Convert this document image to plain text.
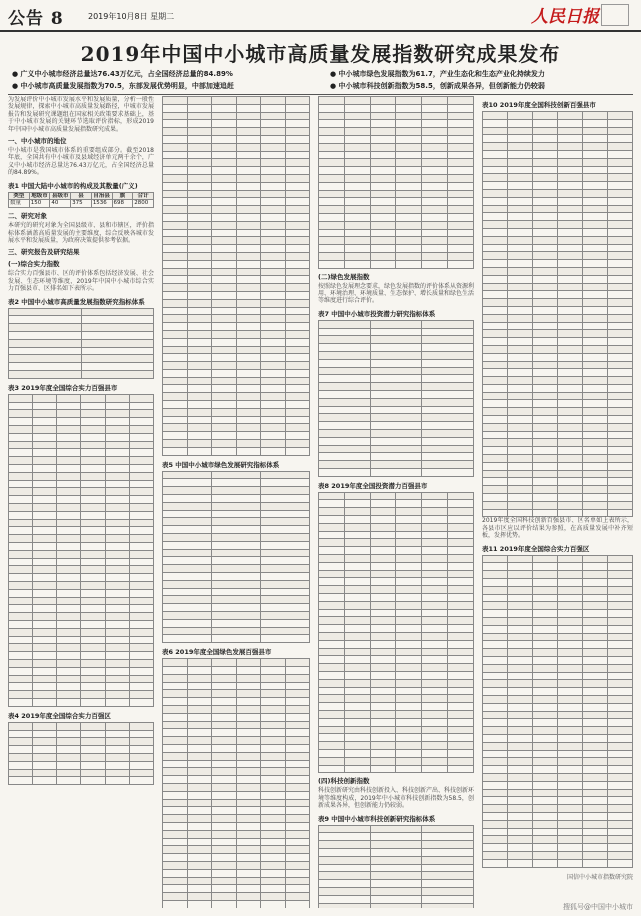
公告 8	2019年10月8日 星期二	人民日报
2019年中国中小城市高质量发展指数研究成果发布
● 广义中小城市经济总量达76.43万亿元，占全国经济总量的84.89%	● 中小城市绿色发展指数为61.7，产业生态化和生态产业化持续发力
● 中小城市高质量发展指数为70.5，东部发展优势明显，中部加速追赶	● 中小城市科技创新指数为58.5，创新成果各异，但创新能力仍较弱
为发展评价中小城市发展水平和发展质量，分析一般性发展规律，探索中小城市高质量发展路径，中城市发展报告和发展研究课题组在国家相关政策要求基础上，基于中小城市发展的关键环节选取评价指标，形成2019年中国中小城市高质量发展指数研究成果。
一、中小城市的地位
中小城市是我国城市体系的重要组成部分。截至2018年底，全国共有中小城市及县域经济单元两千余个，广义中小城市经济总量达76.43万亿元，占全国经济总量的84.89%。
表1 中国大陆中小城市的构成及其数量(广义)
类型	地级市	县级市	县	自治县	旗	合计
数量	150	40	375	1536	698	2800
二、研究对象
本研究的研究对象为全国县级市、县和市辖区，评价指标体系涵盖高质量发展的主要维度，综合反映各城市发展水平和发展质量，为政府决策提供参考依据。
三、研究报告及研究结果
(一)综合实力指数
综合实力百强县市、区的评价体系包括经济发展、社会发展、生态环境等维度，2019年中国中小城市综合实力百强县市、区排名如下表所示。
表2 中国中小城市高质量发展指数研究指标体系

表3 2019年度全国综合实力百强县市

表4 2019年度全国综合实力百强区

表5 中国中小城市绿色发展研究指标体系

表6 2019年度全国绿色发展百强县市

(二)绿色发展指数
按照绿色发展理念要求，绿色发展指数的评价体系从资源利用、环境治理、环境质量、生态保护、增长质量和绿色生活等维度进行综合评价。
表7 中国中小城市投资潜力研究指标体系

表8 2019年度全国投资潜力百强县市

(四)科技创新指数
科技创新研究由科技创新投入、科技创新产出、科技创新环境等维度构成，2019年中小城市科技创新指数为58.5，创新成果各异，但创新能力仍较弱。
表9 中国中小城市科技创新研究指标体系

表10 2019年度全国科技创新百强县市

2019年度全国科技创新百强县市、区名单如上表所示，各县市区应以评价结果为参照，在高质量发展中补齐短板，发挥优势。
表11 2019年度全国综合实力百强区

国信中小城市指数研究院
搜狐号@中国中小城市
